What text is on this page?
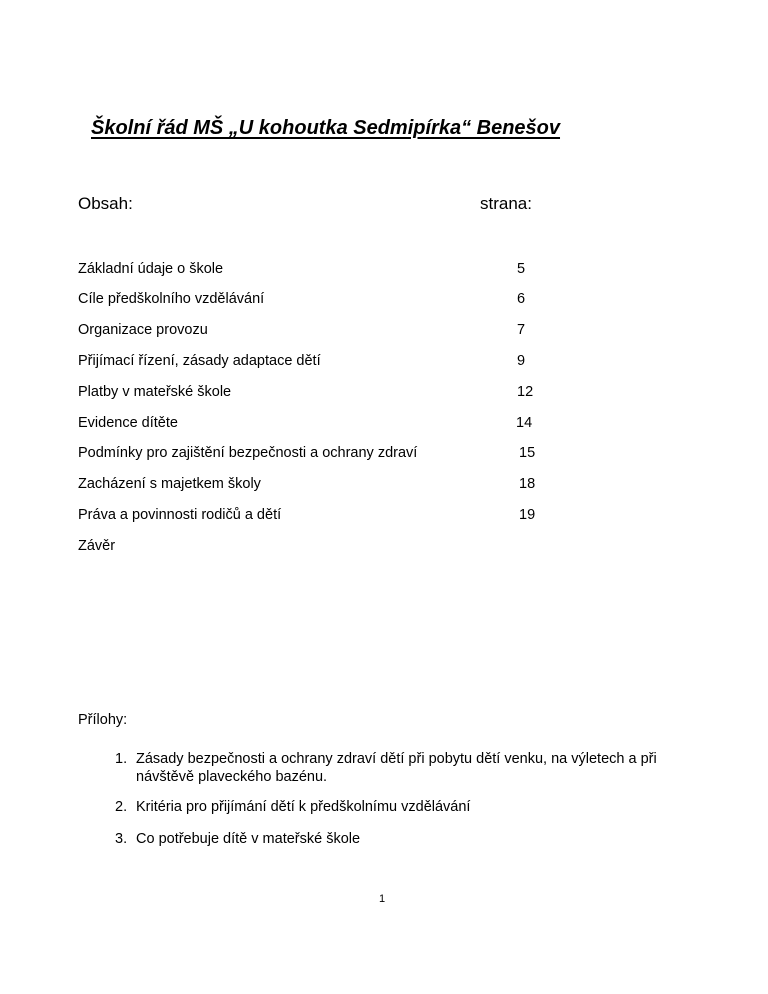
Školní řád MŠ „U kohoutka Sedmipírka“ Benešov
Obsah:	strana:
Základní údaje o škole	5
Cíle předškolního vzdělávání	6
Organizace provozu	7
Přijímací řízení, zásady adaptace dětí	9
Platby v mateřské škole	12
Evidence dítěte	14
Podmínky pro zajištění bezpečnosti a ochrany zdraví	15
Zacházení s majetkem školy	18
Práva a povinnosti rodičů a dětí	19
Závěr
Přílohy:
1. Zásady bezpečnosti a ochrany zdraví dětí při pobytu dětí venku, na výletech a při návštěvě plaveckého bazénu.
2. Kritéria pro přijímání dětí k předškolnímu vzdělávání
3. Co potřebuje dítě v mateřské škole
1
